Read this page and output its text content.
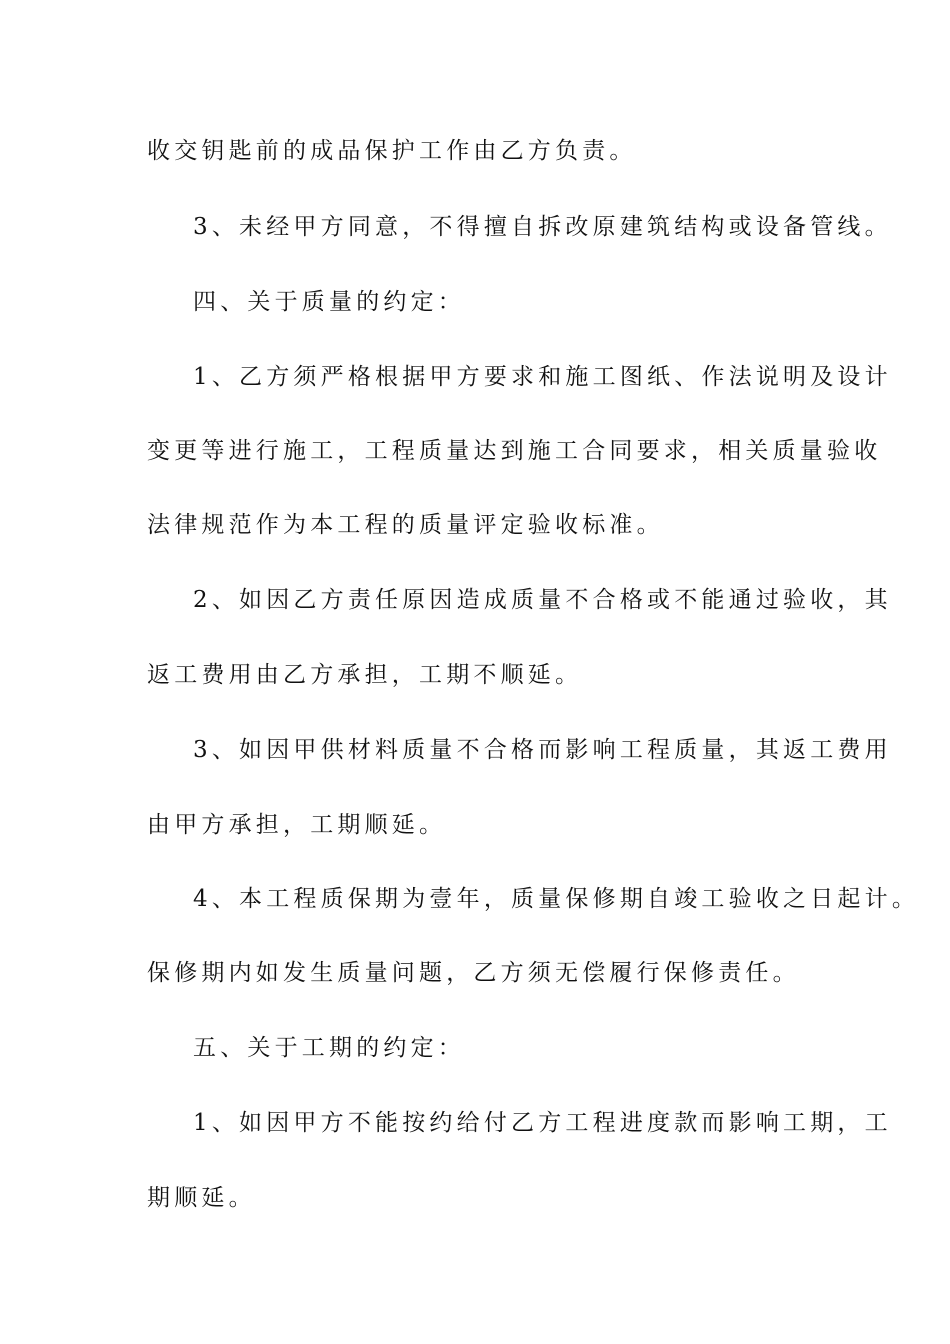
收交钥匙前的成品保护工作由乙方负责。
3、未经甲方同意，不得擅自拆改原建筑结构或设备管线。
四、关于质量的约定：
1、乙方须严格根据甲方要求和施工图纸、作法说明及设计
变更等进行施工，工程质量达到施工合同要求，相关质量验收
法律规范作为本工程的质量评定验收标准。
2、如因乙方责任原因造成质量不合格或不能通过验收，其
返工费用由乙方承担，工期不顺延。
3、如因甲供材料质量不合格而影响工程质量，其返工费用
由甲方承担，工期顺延。
4、本工程质保期为壹年，质量保修期自竣工验收之日起计。
保修期内如发生质量问题，乙方须无偿履行保修责任。
五、关于工期的约定：
1、如因甲方不能按约给付乙方工程进度款而影响工期，工
期顺延。
